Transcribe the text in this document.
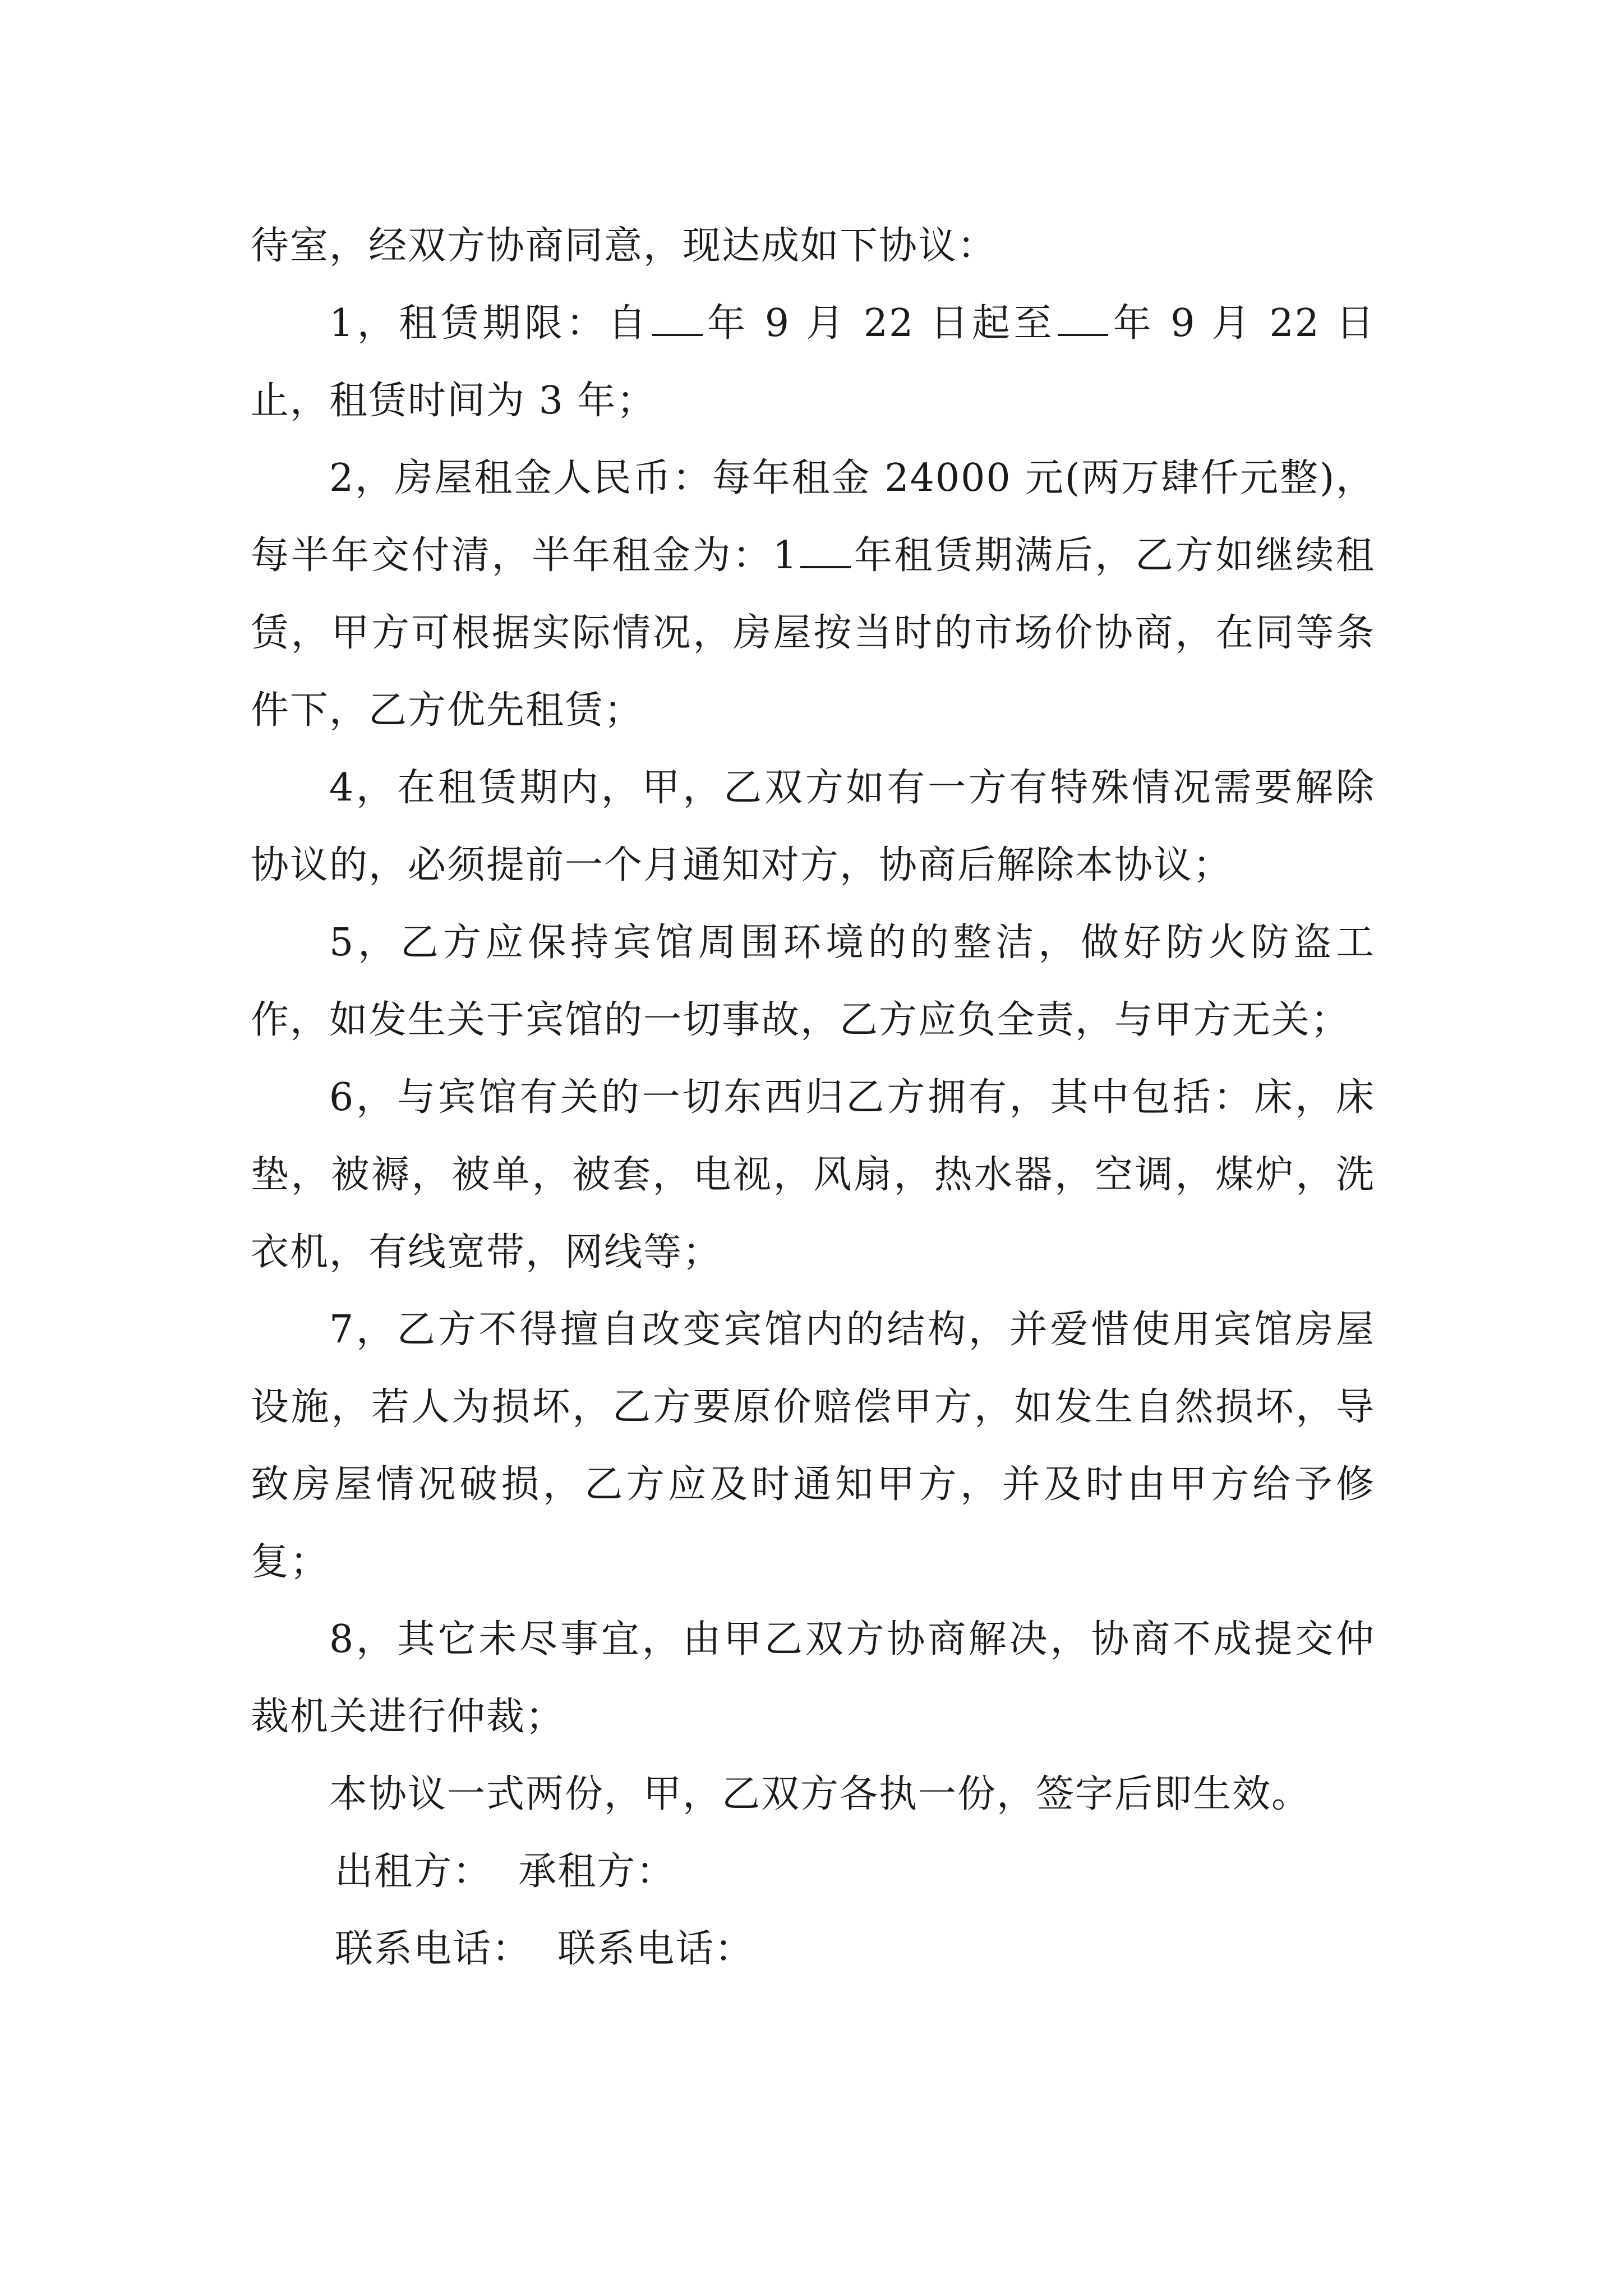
待室，经双方协商同意，现达成如下协议：

1，租赁期限：自 年 9 月 22 日起至 年 9 月 22 日止，租赁时间为 3 年；

2，房屋租金人民币：每年租金 24000 元(两万肆仟元整)，每半年交付清，半年租金为：1 年租赁期满后，乙方如继续租赁，甲方可根据实际情况，房屋按当时的市场价协商，在同等条件下，乙方优先租赁；

4，在租赁期内，甲，乙双方如有一方有特殊情况需要解除协议的，必须提前一个月通知对方，协商后解除本协议；

5，乙方应保持宾馆周围环境的的整洁，做好防火防盗工作，如发生关于宾馆的一切事故，乙方应负全责，与甲方无关；

6，与宾馆有关的一切东西归乙方拥有，其中包括：床，床垫，被褥，被单，被套，电视，风扇，热水器，空调，煤炉，洗衣机，有线宽带，网线等；

7，乙方不得擅自改变宾馆内的结构，并爱惜使用宾馆房屋设施，若人为损坏，乙方要原价赔偿甲方，如发生自然损坏，导致房屋情况破损，乙方应及时通知甲方，并及时由甲方给予修复；

8，其它未尽事宜，由甲乙双方协商解决，协商不成提交仲裁机关进行仲裁；

本协议一式两份，甲，乙双方各执一份，签字后即生效。

出租方： 承租方：

联系电话： 联系电话：
